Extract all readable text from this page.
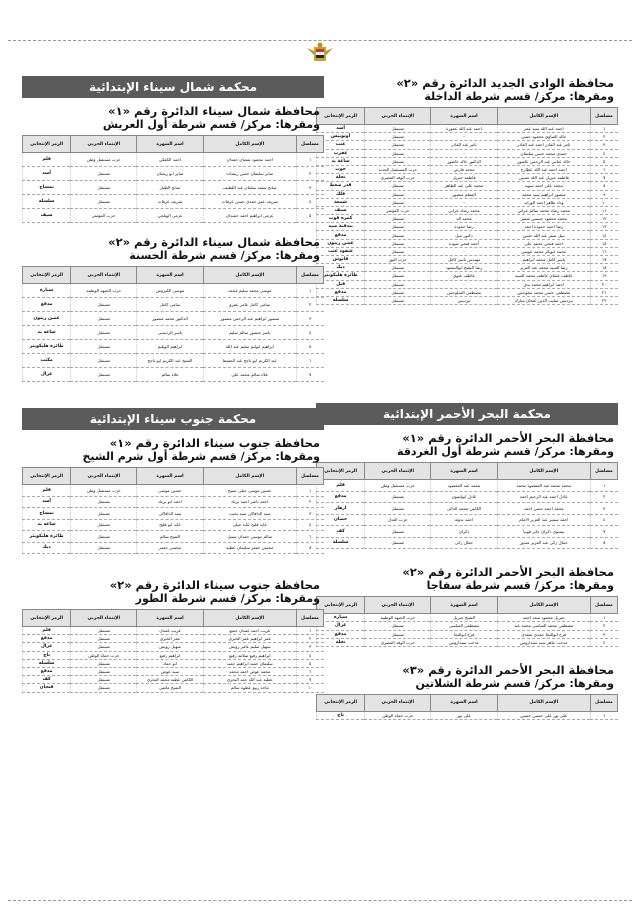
محافظة الوادى الجديد الدائرة رقم «٢»
ومقرها: مركز/ قسم شرطة الداخلة
مسلسل	الإسم الكامل	اسم الشهرة	الإنتماء الحزبي	الرمز الإنتخابي
١	احمد عبد الله سيد عمر	احمد عبد الله عمورة	مستقل	أسد
٢	خالد الصاوي محمود حسن	-	مستقل	أوتوبيس
٣	ثامر عبد القادر احمد عبد القادر	ثامر عبد القادر	مستقل	عنب
٤	حمدى محمد حسن سليمان	-	مستقل	عقرب
٥	خالد عباس عبد الرحمن عاشور	الدكتور خالد عاشور	مستقل	ساعة يد
٦	احمد احمد عبد الله عطارخ	محمد فارس	حزب المستقبل الجديد	حوت
٧	فاطمة جبريل عبد الله حسين	فاطمة جبريل	حزب الوفد المصرى	نخلة
٨	محمد على احمد سويد	محمد على عبد الظاهر	مستقل	قدر ضغط
٩	منصور ابراهيم سيد محمد	المعلم منصور	مستقل	فلك
١٠	وداد طاهر احمد الوزايد	-	مستقل	شمعة
١١	محمد رشاد محمد سالم عرابي	محمد رشاد عرابي	حزب المؤتمر	سيف
١٢	محمد محمود حسنين شقير	محمد اله	مستقل	كمرة فوت
١٣	رضا احمد حمودة احمد	رضا حمودة	مستقل	بندقية صيد
١٤	نبيل صقر عبد الله حسن	دكتور نبيل	مستقل	مدفع
١٥	احمد فتحي محمد على	أحمد فتحي شودة	مستقل	غصن زيتون
١٦	محمد ابوبكر محمد عويس	-	مستقل	عنقود عنب
١٧	ياسر كامل محمد ابراهيم	مهندس ياسر كامل	حزب النور	فانوس
١٨	رضا السيد محمد عبد العزيز	رضا الشيخ ابوالسعود	مستقل	ديك
١٩	عاطف عثمان عاطف محمد السيد	عاطف عثوي	مستقل	طائرة هليكوبتر
٢٠	احمد ابراهيم محمد بدي	-	مستقل	فيل
٢١	مصطفى حسن محمد سلوحس	مصطفى السلوحس	مستقل	مدفع
٢٢	بيرديس صليب الدين عثمان مبارك	بيرديس	مستقل	سلسلة
محكمة البحر الأحمر الإبتدائية
محافظة البحر الأحمر الدائرة رقم «١»
ومقرها: مركز/ قسم شرطة أول الغردقة
مسلسل	الإسم الكامل	اسم الشهرة	الإنتماء الحزبي	الرمز الإنتخابي
١	محمد محمد عبد المقصود محمد	محمد عبد المقصود	حزب مستقبل وطن	قلم
٢	عادل احمد عبد الرحيم احمد	عادل ابوليمون	مستقل	مدفع
٣	محمد احمد حسن احمد	الكابتن محمد الدالى	مستقل	ازهار
٤	احمد سمير عبد العزيز الامام	احمد بدوئة	حزب العدل	حصان
٧	بيشوى ذكران جاير فوبيا	ذكران	مستقل	كف
٨	جمال زكى عبد العزيز مندور	جمال زكى	مستقل	سلسلة
محافظة البحر الأحمر الدائرة رقم «٢»
ومقرها: مركز/ قسم شرطة سفاجا
مسلسل	الإسم الكامل	اسم الشهرة	الإنتماء الحزبي	الرمز الإنتخابي
١	جبريل محمود سعد احمد	الشيخ جبريل	حزب الجبهة الوطنية	سيارة
٢	مصطفى محمد العباسى محمد عيد	مصطفى العباسى	مستقل	غزال
٣	فرج ابوالنجا حمدى سعدى	فرج ابوالنجا	مستقل	مدفع
٤	مدحت ماهر سيد سيداروس	مدحت سيداروس	حزب الوفد المصرى	نخلة
محافظة البحر الأحمر الدائرة رقم «٣»
ومقرها: مركز/ قسم شرطة الشلاتين
مسلسل	الإسم الكامل	اسم الشهرة	الإنتماء الحزبي	الرمز الإنتخابي
١	على نور على حسين حسين	على نور	حزب حماة الوطن	تاج
محكمة شمال سيناء الإبتدائية
محافظة شمال سيناء الدائرة رقم «١»
ومقرها: مركز/ قسم شرطة أول العريش
مسلسل	الإسم الكامل	اسم الشهرة	الإنتماء الحزبي	الرمز الإنتخابي
١	احمد محمود شعبان حمدان	احمد الكعكي	حزب مستقبل وطن	قلم
٢	صابر سليمان حسن ريشات	صابر ابو ريشان	مستقل	أسد
٣	صابح سعيد سلمان عبد اللطيف	صابح الطيار	مستقل	تمساح
٤	شريف عمر حمدى حسن عرفات	شريف عرفات	مستقل	سلسلة
٥	عزمى ابراهيم احمد حميدان	عزمى الويلجي	حزب المؤتمر	سيف
محافظة شمال سيناء الدائرة رقم «٢»
ومقرها: مركز/ قسم شرطة الحسنة
مسلسل	الإسم الكامل	اسم الشهرة	الإنتماء الحزبي	الرمز الإنتخابي
١	موسى محمد سليم محمد	موسى الكيروش	حزب الجبهة الوطنية	سيارة
٢	سامى كامل عامر عمرو	سامى كامل	مستقل	مدفع
٣	منصور ابراهيم عبد الرحمن منصور	الدكتور محمد منصور	مستقل	غصن زيتون
٤	ياسر منصور سالم سليم	ياسر الرديسى	مستقل	ساعة يد
٥	ابراهيم ابوليم سليم عبد الله	ابراهيم الويليم	مستقل	طائرة هليكوبتر
٦	عبد الكريم ابو ناجح عبد الحفيظ	الشيخ عبد الكريم ابو ناجح	مستقل	مكتب
٧	علاء سالم محمد على	علاء سالم	مستقل	غزال
محكمة جنوب سيناء الإبتدائية
محافظة جنوب سيناء الدائرة رقم «١»
ومقرها: مركز/ قسم شرطة أول شرم الشيخ
مسلسل	الإسم الكامل	اسم الشهرة	الإنتماء الحزبي	الرمز الإنتخابي
١	حسين موسى جبلى صبيح	حسين موسى	حزب مستقبل وطن	قلم
٢	احمد ناصر احمد بريك	احمد ابو بريك	مستقل	أسد
٣	سيد الدافاكى سيد بخيت	سيد الدافاكى	مستقل	تمساح
٤	عايد فليح عايد جبلى	عايد ابو فليح	مستقل	ساعة يد
٦	سالم موسى حمدان سبيل	الشيخ سالم	مستقل	طائرة هليكوبتر
٨	محسن جعفر سليمان عطية	محسن جعفر	مستقل	ديك
محافظة جنوب سيناء الدائرة رقم «٢»
ومقرها: مركز/ قسم شرطة الطور
مسلسل	الإسم الكامل	اسم الشهرة	الإنتماء الحزبي	الرمز الإنتخابي
١	غريب احمد غسان جميع	غريب غسان	مستقل	قلم
٢	عمر ابراهيم عمر الخيرى	عمر الخيرى	مستقل	مدفع
٣	سهيل سليم عامر رويش	سهيل رويش	مستقل	غزال
٤	ابراهيم رفيع سلامة رفيع	ابراهيم رفيع	حزب حماة الوطن	تاج
٥	سليمان حميد ابراهيم حميد	ابو حماد	مستقل	سلسلة
٦	محمد عوض احمد محمد	سيد عوض	مستقل	مدفع
٧	عطية عبد الله حمد البحرى	الكابتن عطية محمد البحرى	مستقل	كف
١٠	ماجد ربيع عطوة سالم	الشيخ ماضى	مستقل	فنجان
